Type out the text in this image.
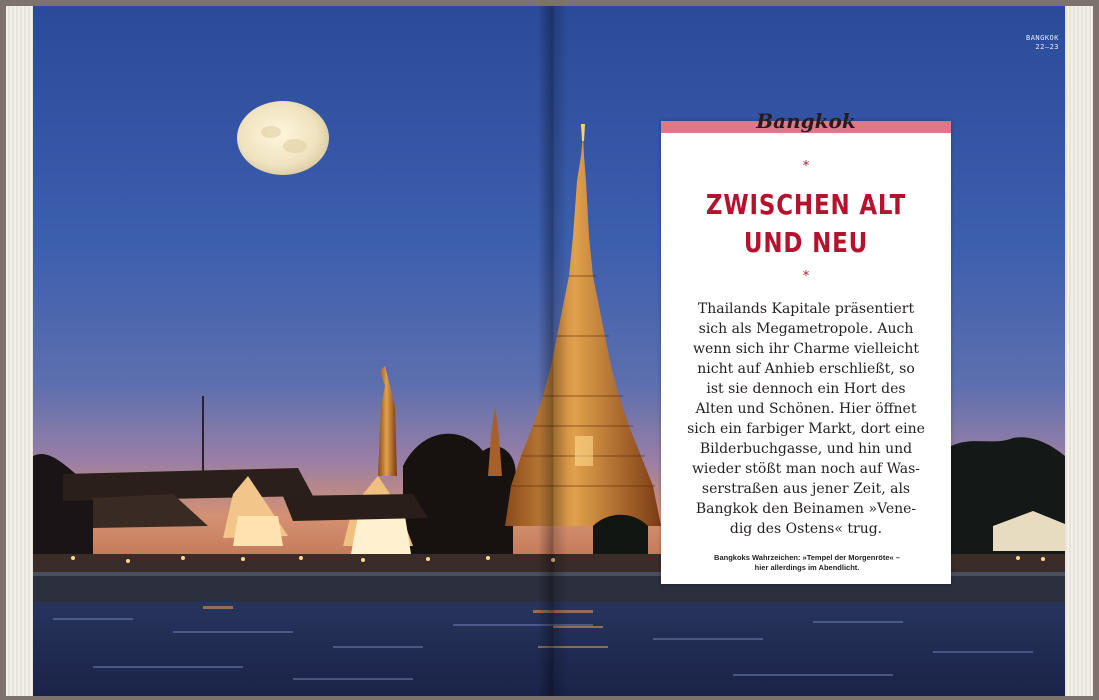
BANGKOK
22–23
Bangkok
*
ZWISCHEN ALT
UND NEU
*
Thailands Kapitale präsentiert
sich als Megametropole. Auch
wenn sich ihr Charme vielleicht
nicht auf Anhieb erschließt, so
ist sie dennoch ein Hort des
Alten und Schönen. Hier öffnet
sich ein farbiger Markt, dort eine
Bilderbuchgasse, und hin und
wieder stößt man noch auf Was-
serstraßen aus jener Zeit, als
Bangkok den Beinamen »Vene-
dig des Ostens« trug.
Bangkoks Wahrzeichen: »Tempel der Morgenröte« –
hier allerdings im Abendlicht.
